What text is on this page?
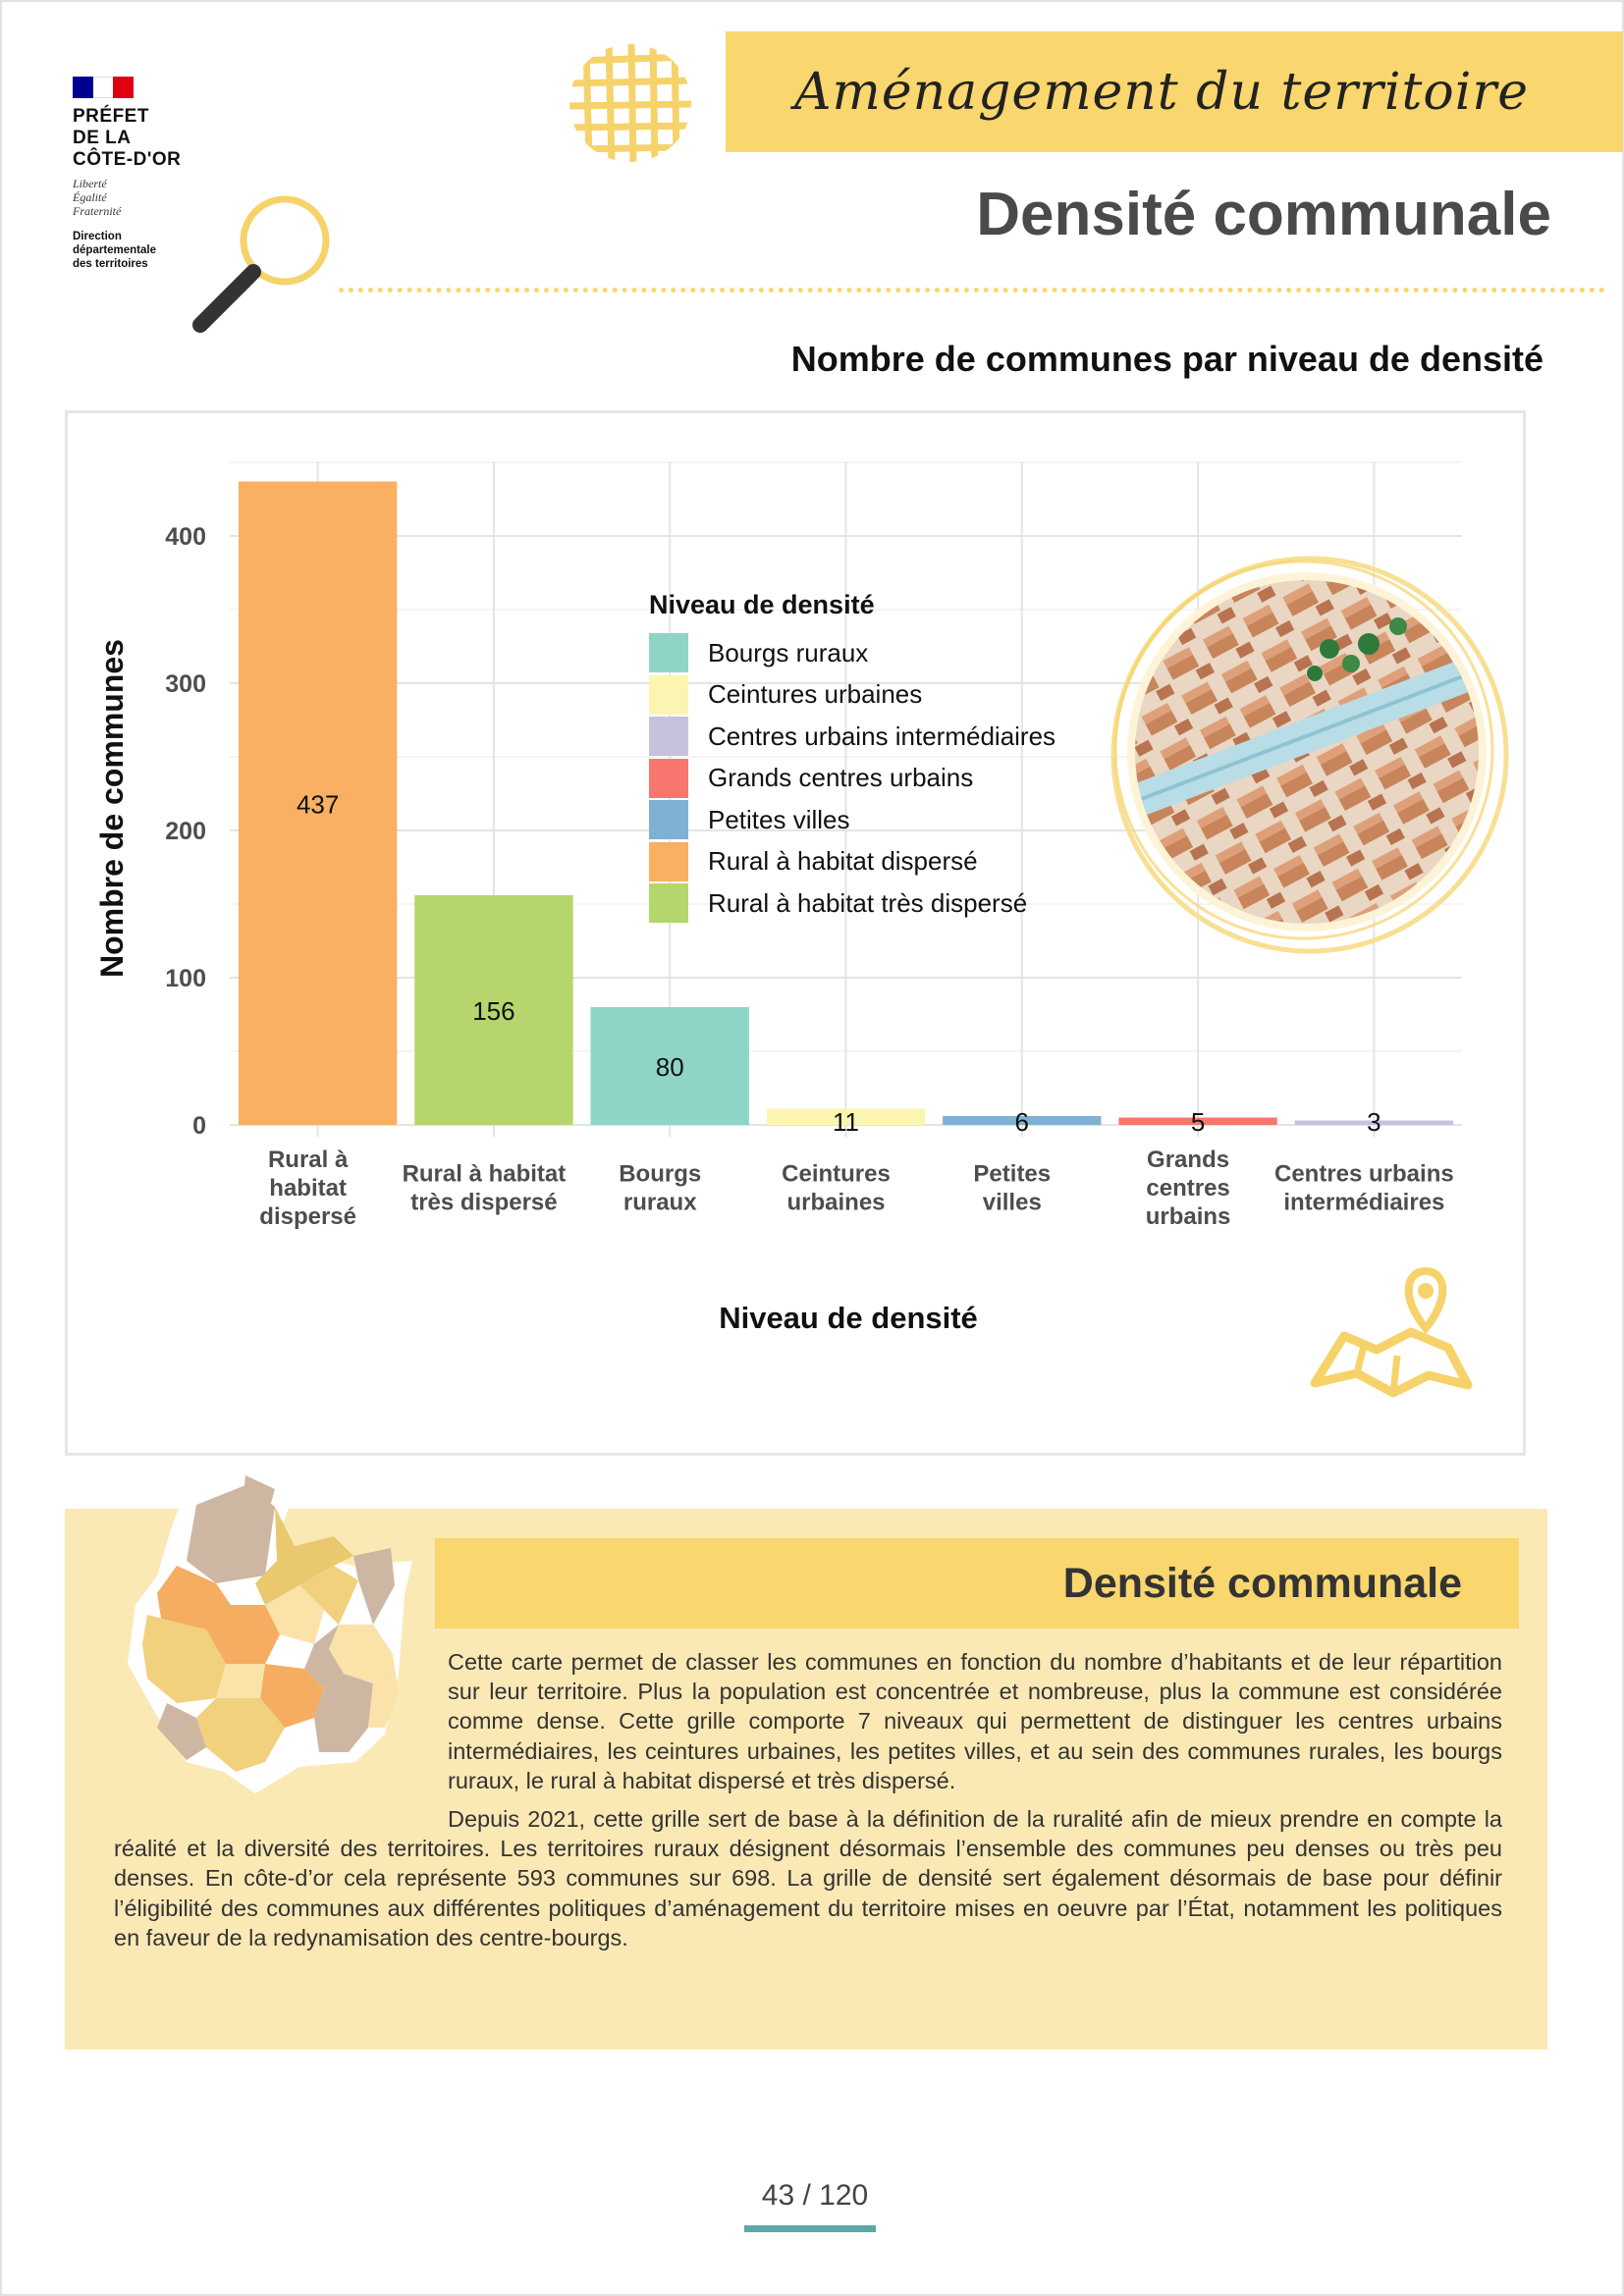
PRÉFET
DE LA
CÔTE-D'OR
Liberté
Égalité
Fraternité
Direction
départementale
des territoires
Aménagement du territoire
Densité communale
Nombre de communes par niveau de densité
0
100
200
300
400
437
156
80
11	6	5	3
Rural à
habitat
dispersé
Rural à habitat
très dispersé
Bourgs
ruraux
Ceintures
urbaines
Petites
villes
Grands
centres
urbains
Centres urbains
intermédiaires
Niveau de densité
Nombre de communes
Niveau de densité
Bourgs ruraux
Ceintures urbaines
Centres urbains intermédiaires
Grands centres urbains
Petites villes
Rural à habitat dispersé
Rural à habitat très dispersé
Densité communale

Cette carte permet de classer les communes en fonction du nombre d’habitants et de leur répartition sur leur territoire. Plus la population est concentrée et nombreuse, plus la commune est considérée comme dense. Cette grille comporte 7 niveaux qui permettent de distinguer les centres urbains intermédiaires, les ceintures urbaines, les petites villes, et au sein des communes rurales, les bourgs ruraux, le rural à habitat dispersé et très dispersé.

Depuis 2021, cette grille sert de base à la définition de la ruralité afin de mieux prendre en compte la réalité et la diversité des territoires. Les territoires ruraux désignent désormais l’ensemble des communes peu denses ou très peu denses. En côte-d’or cela représente 593 communes sur 698. La grille de densité sert également désormais de base pour définir l’éligibilité des communes aux différentes politiques d’aménagement du territoire mises en oeuvre par l’État, notamment les politiques en faveur de la redynamisation des centre-bourgs.

43 / 120
